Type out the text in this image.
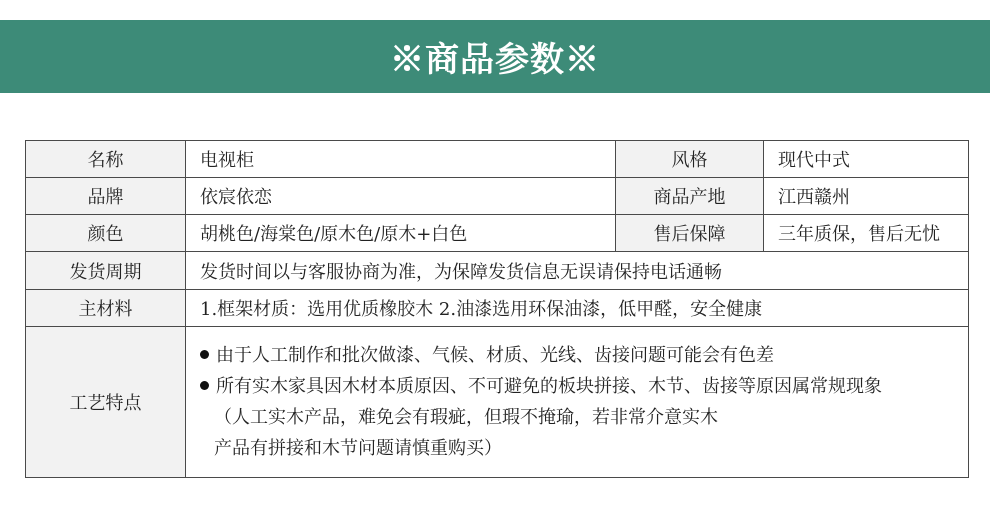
※商品参数※
名称	电视柜	风格	现代中式
品牌	依宸依恋	商品产地	江西赣州
颜色	胡桃色/海棠色/原木色/原木+白色	售后保障	三年质保，售后无忧
发货周期	发货时间以与客服协商为准，为保障发货信息无误请保持电话通畅		
主材料	1.框架材质：选用优质橡胶木 2.油漆选用环保油漆，低甲醛，安全健康		
工艺特点	由于人工制作和批次做漆、气候、材质、光线、齿接问题可能会有色差
所有实木家具因木材本质原因、不可避免的板块拼接、木节、齿接等原因属常规现象
（人工实木产品，难免会有瑕疵，但瑕不掩瑜，若非常介意实木
产品有拼接和木节问题请慎重购买）		
